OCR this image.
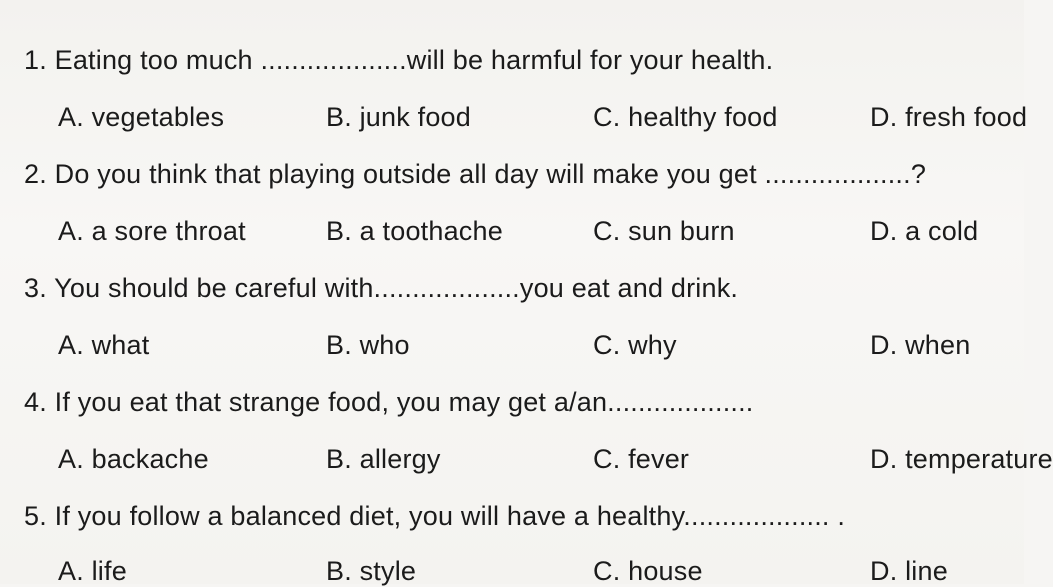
1. Eating too much ...................will be harmful for your health.
A. vegetables	B. junk food	C. healthy food	D. fresh food
2. Do you think that playing outside all day will make you get ...................?
A. a sore throat	B. a toothache	C. sun burn	D. a cold
3. You should be careful with...................you eat and drink.
A. what	B. who	C. why	D. when
4. If you eat that strange food, you may get a/an...................
A. backache	B. allergy	C. fever	D. temperature
5. If you follow a balanced diet, you will have a healthy................... .
A. life	B. style	C. house	D. line
